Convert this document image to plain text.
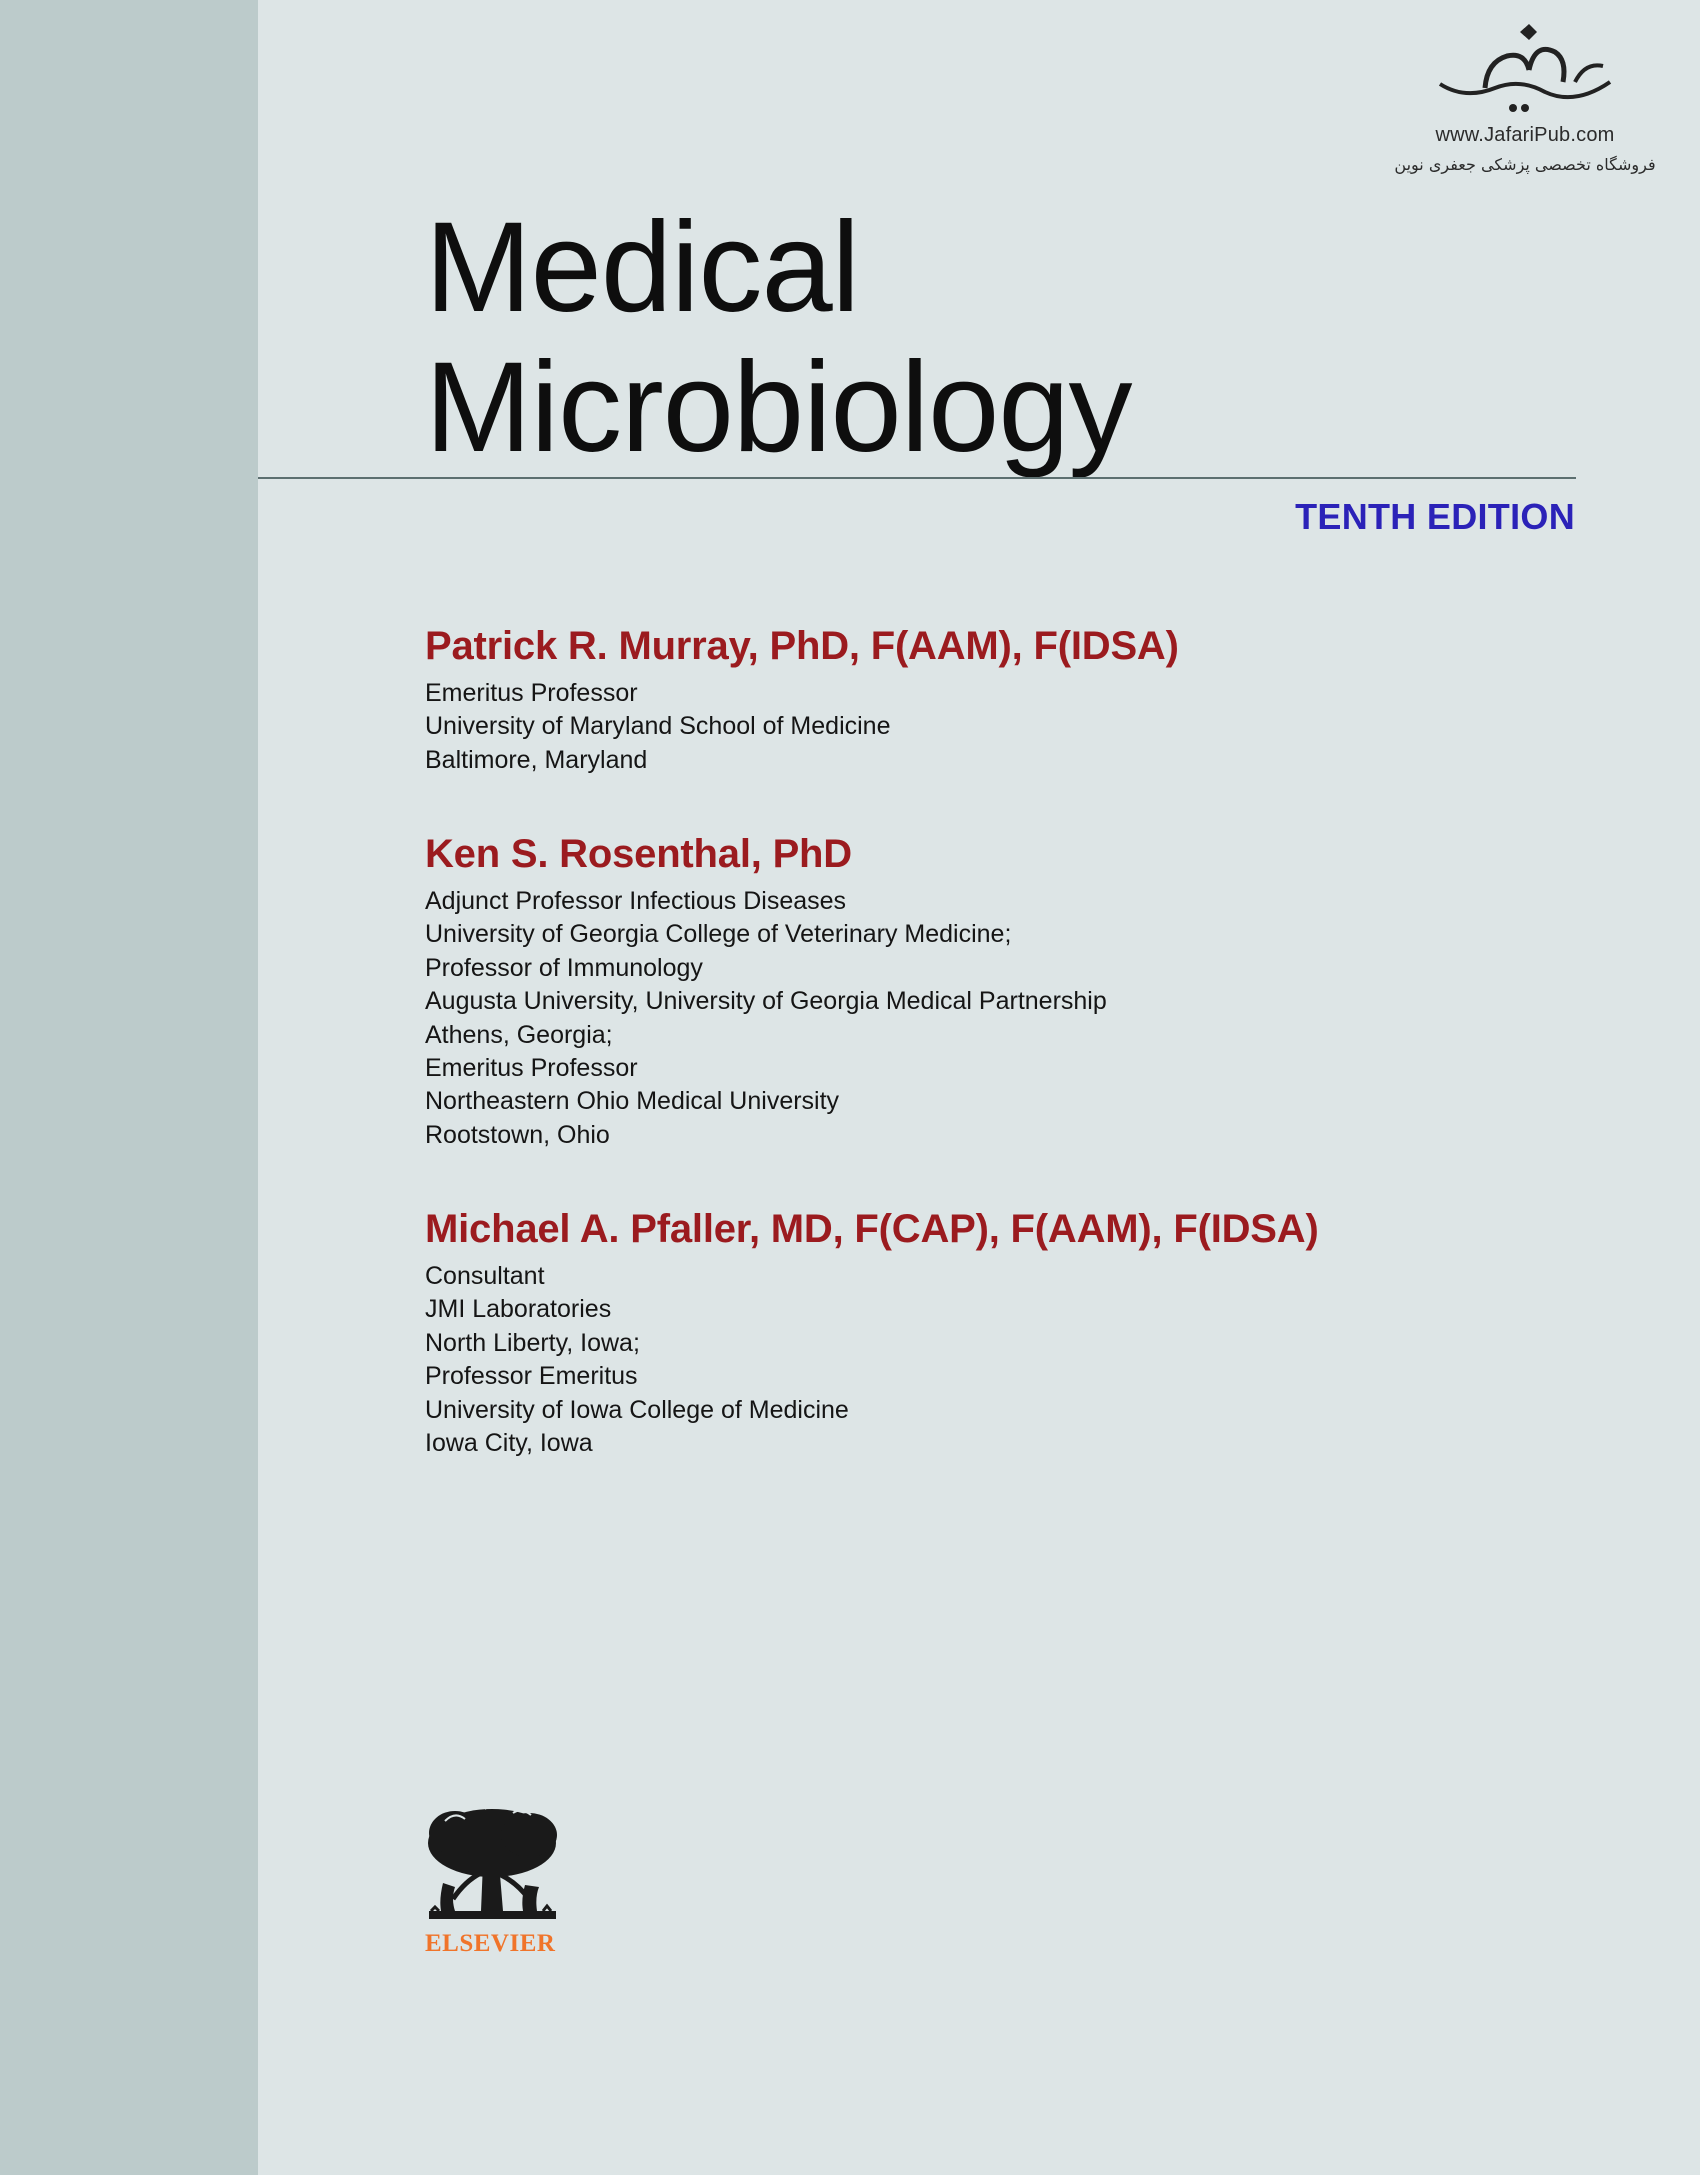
www.JafariPub.com
فروشگاه تخصصی پزشکی جعفری نوین
Medical
Microbiology
TENTH EDITION
Patrick R. Murray, PhD, F(AAM), F(IDSA)
Emeritus Professor
University of Maryland School of Medicine
Baltimore, Maryland
Ken S. Rosenthal, PhD
Adjunct Professor Infectious Diseases
University of Georgia College of Veterinary Medicine;
Professor of Immunology
Augusta University, University of Georgia Medical Partnership
Athens, Georgia;
Emeritus Professor
Northeastern Ohio Medical University
Rootstown, Ohio
Michael A. Pfaller, MD, F(CAP), F(AAM), F(IDSA)
Consultant
JMI Laboratories
North Liberty, Iowa;
Professor Emeritus
University of Iowa College of Medicine
Iowa City, Iowa
ELSEVIER
